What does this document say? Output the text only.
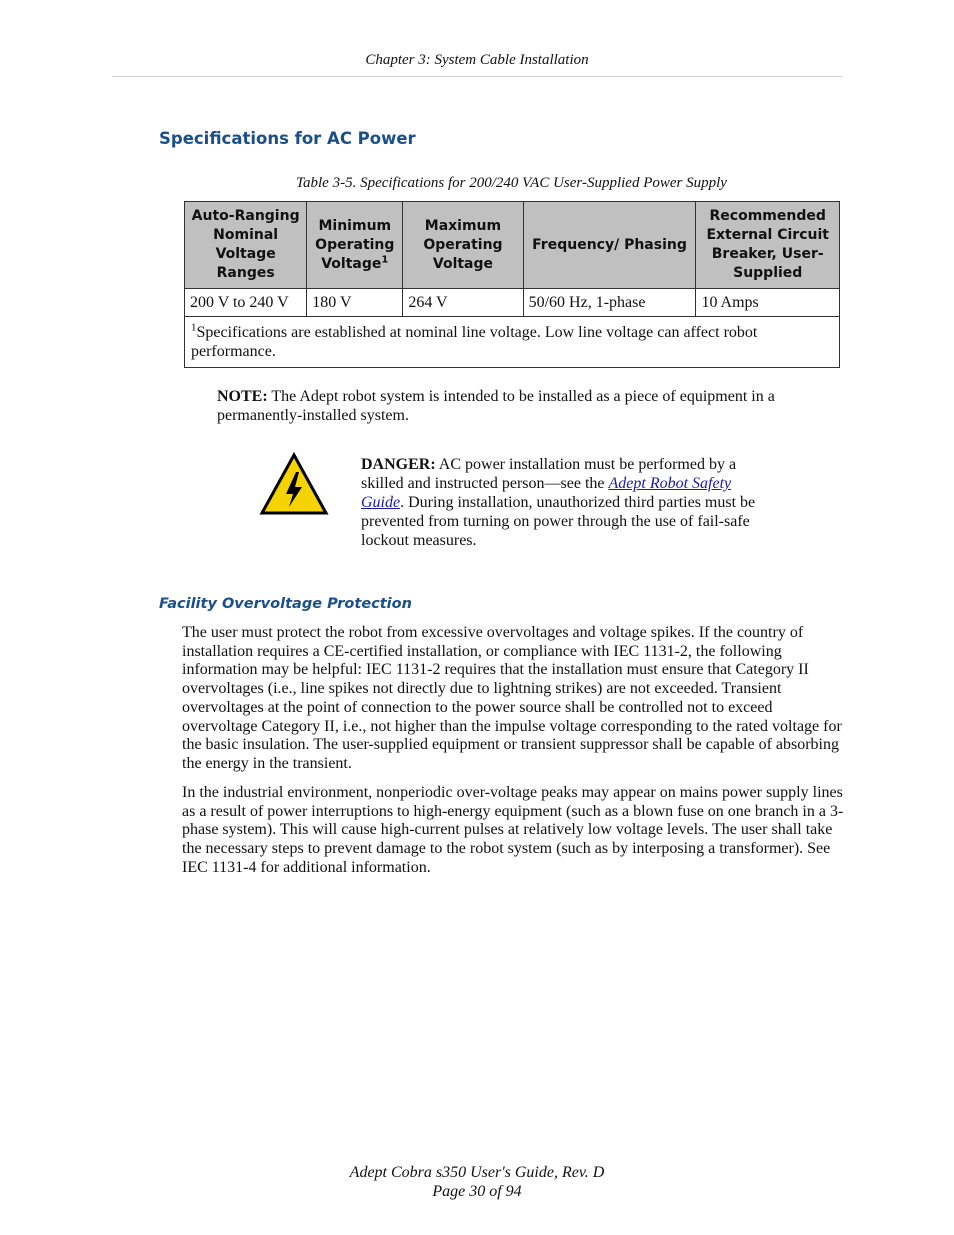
Chapter 3: System Cable Installation
Specifications for AC Power
Table 3-5. Specifications for 200/240 VAC User-Supplied Power Supply
Auto-Ranging Nominal Voltage Ranges	Minimum Operating Voltage$^1$	Maximum Operating Voltage	Frequency/ Phasing	Recommended External Circuit Breaker, User-Supplied
200 V to 240 V	180 V	264 V	50/60 Hz, 1-phase	10 Amps
$^1$Specifications are established at nominal line voltage. Low line voltage can affect robot performance.				
NOTE: The Adept robot system is intended to be installed as a piece of equipment in a permanently-installed system.
DANGER: AC power installation must be performed by a skilled and instructed person—see the Adept Robot Safety Guide. During installation, unauthorized third parties must be prevented from turning on power through the use of fail-safe lockout measures.
Facility Overvoltage Protection

The user must protect the robot from excessive overvoltages and voltage spikes. If the country of installation requires a CE-certified installation, or compliance with IEC 1131-2, the following information may be helpful: IEC 1131-2 requires that the installation must ensure that Category II overvoltages (i.e., line spikes not directly due to lightning strikes) are not exceeded. Transient overvoltages at the point of connection to the power source shall be controlled not to exceed overvoltage Category II, i.e., not higher than the impulse voltage corresponding to the rated voltage for the basic insulation. The user-supplied equipment or transient suppressor shall be capable of absorbing the energy in the transient.

In the industrial environment, nonperiodic over-voltage peaks may appear on mains power supply lines as a result of power interruptions to high-energy equipment (such as a blown fuse on one branch in a 3-phase system). This will cause high-current pulses at relatively low voltage levels. The user shall take the necessary steps to prevent damage to the robot system (such as by interposing a transformer). See IEC 1131-4 for additional information.

Adept Cobra s350 User's Guide, Rev. D
Page 30 of 94
